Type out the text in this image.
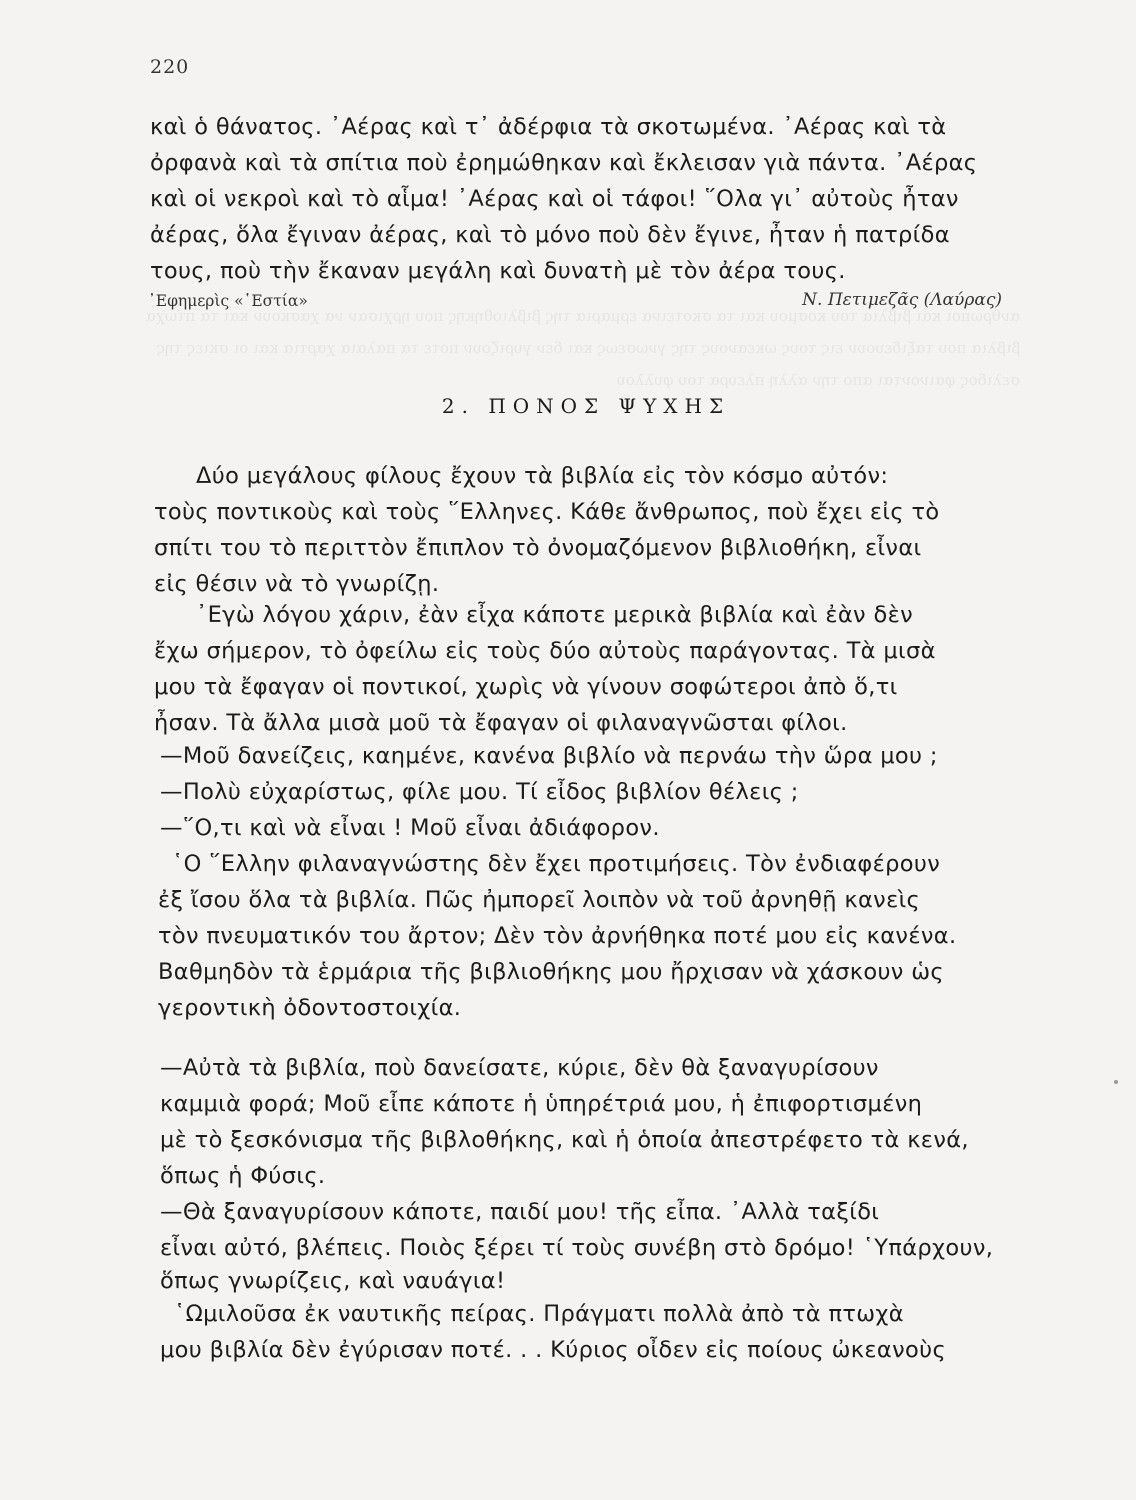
ανθρωποι και βιβλια του κοσμου και τα σκοτεινα ερμαρια της βιβλιοθηκης που ηρχισαν να χασκουν και τα πτωχα βιβλια που ταξιδευουν εις τους ωκεανους της γνωσεως και δεν γυριζουν ποτε τα παλαια χαρτια και οι σκιες της σελιδος φαινονται απο την αλλη πλευρα του φυλλου
220
καὶ ὁ θάνατος. ᾿Αέρας καὶ τ᾿ ἀδέρφια τὰ σκοτωμένα. ᾿Αέρας καὶ τὰ
ὀρφανὰ καὶ τὰ σπίτια ποὺ ἐρημώθηκαν καὶ ἔκλεισαν γιὰ πάντα. ᾿Αέρας
καὶ οἱ νεκροὶ καὶ τὸ αἷμα! ᾿Αέρας καὶ οἱ τάφοι! ῞Ολα γι᾿ αὐτοὺς ἦταν
ἀέρας, ὅλα ἔγιναν ἀέρας, καὶ τὸ μόνο ποὺ δὲν ἔγινε, ἦταν ἡ πατρίδα
τους, ποὺ τὴν ἔκαναν μεγάλη καὶ δυνατὴ μὲ τὸν ἀέρα τους.
᾿Εφημερὶς «῾Εστία»	Ν. Πετιμεζᾶς (Λαύρας)
2. ΠΟΝΟΣ ΨΥΧΗΣ
Δύο μεγάλους φίλους ἔχουν τὰ βιβλία εἰς τὸν κόσμο αὐτόν:
τοὺς ποντικοὺς καὶ τοὺς ῞Ελληνες. Κάθε ἄνθρωπος, ποὺ ἔχει εἰς τὸ
σπίτι του τὸ περιττὸν ἔπιπλον τὸ ὀνομαζόμενον βιβλιοθήκη, εἶναι
εἰς θέσιν νὰ τὸ γνωρίζῃ.
᾿Εγὼ λόγου χάριν, ἐὰν εἶχα κάποτε μερικὰ βιβλία καὶ ἐὰν δὲν
ἔχω σήμερον, τὸ ὀφείλω εἰς τοὺς δύο αὐτοὺς παράγοντας. Τὰ μισὰ
μου τὰ ἔφαγαν οἱ ποντικοί, χωρὶς νὰ γίνουν σοφώτεροι ἀπὸ ὅ,τι
ἦσαν. Τὰ ἄλλα μισὰ μοῦ τὰ ἔφαγαν οἱ φιλαναγνῶσται φίλοι.
—Μοῦ δανείζεις, καημένε, κανένα βιβλίο νὰ περνάω τὴν ὥρα μου ;
—Πολὺ εὐχαρίστως, φίλε μου. Τί εἶδος βιβλίον θέλεις ;
—῞Ο,τι καὶ νὰ εἶναι ! Μοῦ εἶναι ἀδιάφορον.
῾Ο ῞Ελλην φιλαναγνώστης δὲν ἔχει προτιμήσεις. Τὸν ἐνδιαφέρουν
ἐξ ἴσου ὅλα τὰ βιβλία. Πῶς ἠμπορεῖ λοιπὸν νὰ τοῦ ἀρνηθῇ κανεὶς
τὸν πνευματικόν του ἄρτον; Δὲν τὸν ἀρνήθηκα ποτέ μου εἰς κανένα.
Βαθμηδὸν τὰ ἑρμάρια τῆς βιβλιοθήκης μου ἤρχισαν νὰ χάσκουν ὡς
γεροντικὴ ὀδοντοστοιχία.
—Αὐτὰ τὰ βιβλία, ποὺ δανείσατε, κύριε, δὲν θὰ ξαναγυρίσουν
καμμιὰ φορά; Μοῦ εἶπε κάποτε ἡ ὑπηρέτριά μου, ἡ ἐπιφορτισμένη
μὲ τὸ ξεσκόνισμα τῆς βιβλοθήκης, καὶ ἡ ὁποία ἀπεστρέφετο τὰ κενά,
ὅπως ἡ Φύσις.
—Θὰ ξαναγυρίσουν κάποτε, παιδί μου! τῆς εἶπα. ᾿Αλλὰ ταξίδι
εἶναι αὐτό, βλέπεις. Ποιὸς ξέρει τί τοὺς συνέβη στὸ δρόμο! ῾Υπάρχουν,
ὅπως γνωρίζεις, καὶ ναυάγια!
῾Ωμιλοῦσα ἐκ ναυτικῆς πείρας. Πράγματι πολλὰ ἀπὸ τὰ πτωχὰ
μου βιβλία δὲν ἐγύρισαν ποτέ. . . Κύριος οἶδεν εἰς ποίους ὠκεανοὺς
